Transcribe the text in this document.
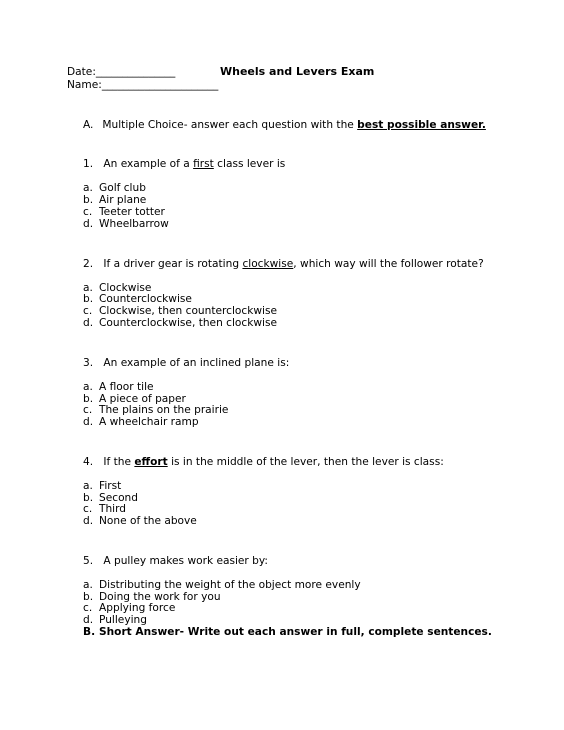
Date:_______________	Wheels and Levers Exam
Name:______________________
A. Multiple Choice- answer each question with the best possible answer.
1. An example of a first class lever is
a. Golf club
b. Air plane
c. Teeter totter
d. Wheelbarrow
2. If a driver gear is rotating clockwise, which way will the follower rotate?
a. Clockwise
b. Counterclockwise
c. Clockwise, then counterclockwise
d. Counterclockwise, then clockwise
3. An example of an inclined plane is:
a. A floor tile
b. A piece of paper
c. The plains on the prairie
d. A wheelchair ramp
4. If the effort is in the middle of the lever, then the lever is class:
a. First
b. Second
c. Third
d. None of the above
5. A pulley makes work easier by:
a. Distributing the weight of the object more evenly
b. Doing the work for you
c. Applying force
d. Pulleying
B. Short Answer- Write out each answer in full, complete sentences.
